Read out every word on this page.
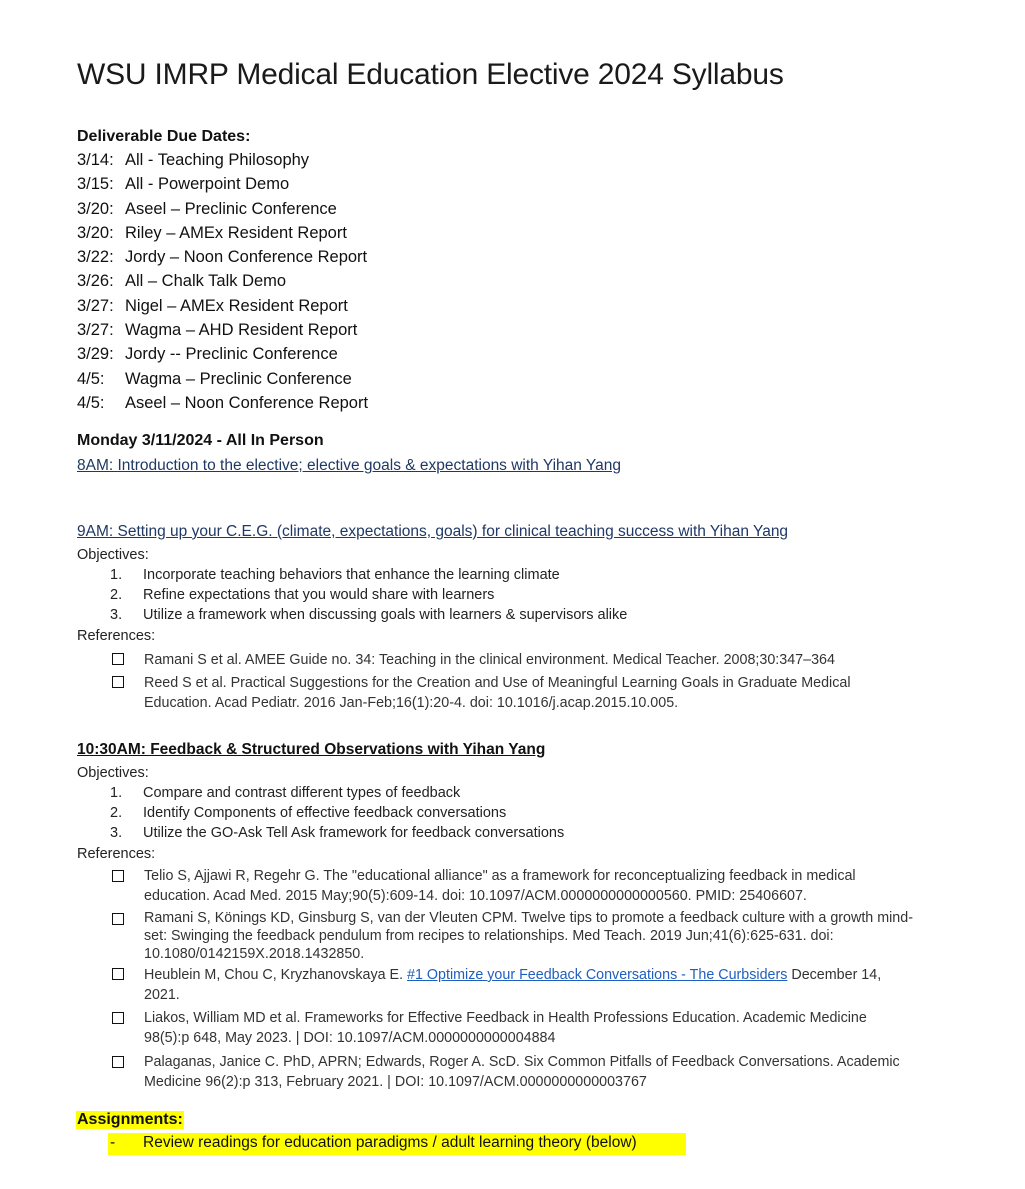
WSU IMRP Medical Education Elective 2024 Syllabus
Deliverable Due Dates:
3/14: All - Teaching Philosophy
3/15: All - Powerpoint Demo
3/20: Aseel – Preclinic Conference
3/20: Riley – AMEx Resident Report
3/22: Jordy – Noon Conference Report
3/26: All – Chalk Talk Demo
3/27: Nigel – AMEx Resident Report
3/27: Wagma – AHD Resident Report
3/29: Jordy -- Preclinic Conference
4/5: Wagma – Preclinic Conference
4/5: Aseel – Noon Conference Report
Monday 3/11/2024 - All In Person
8AM: Introduction to the elective; elective goals & expectations with Yihan Yang
9AM: Setting up your C.E.G. (climate, expectations, goals) for clinical teaching success with Yihan Yang
Objectives:
1. Incorporate teaching behaviors that enhance the learning climate
2. Refine expectations that you would share with learners
3. Utilize a framework when discussing goals with learners & supervisors alike
References:
Ramani S et al. AMEE Guide no. 34: Teaching in the clinical environment. Medical Teacher. 2008;30:347–364
Reed S et al. Practical Suggestions for the Creation and Use of Meaningful Learning Goals in Graduate Medical Education. Acad Pediatr. 2016 Jan-Feb;16(1):20-4. doi: 10.1016/j.acap.2015.10.005.
10:30AM: Feedback & Structured Observations with Yihan Yang
Objectives:
1. Compare and contrast different types of feedback
2. Identify Components of effective feedback conversations
3. Utilize the GO-Ask Tell Ask framework for feedback conversations
References:
Telio S, Ajjawi R, Regehr G. The "educational alliance" as a framework for reconceptualizing feedback in medical education. Acad Med. 2015 May;90(5):609-14. doi: 10.1097/ACM.0000000000000560. PMID: 25406607.
Ramani S, Könings KD, Ginsburg S, van der Vleuten CPM. Twelve tips to promote a feedback culture with a growth mind-set: Swinging the feedback pendulum from recipes to relationships. Med Teach. 2019 Jun;41(6):625-631. doi: 10.1080/0142159X.2018.1432850.
Heublein M, Chou C, Kryzhanovskaya E. #1 Optimize your Feedback Conversations - The Curbsiders December 14, 2021.
Liakos, William MD et al. Frameworks for Effective Feedback in Health Professions Education. Academic Medicine 98(5):p 648, May 2023. | DOI: 10.1097/ACM.0000000000004884
Palaganas, Janice C. PhD, APRN; Edwards, Roger A. ScD. Six Common Pitfalls of Feedback Conversations. Academic Medicine 96(2):p 313, February 2021. | DOI: 10.1097/ACM.0000000000003767
Assignments:
- Review readings for education paradigms / adult learning theory (below)
